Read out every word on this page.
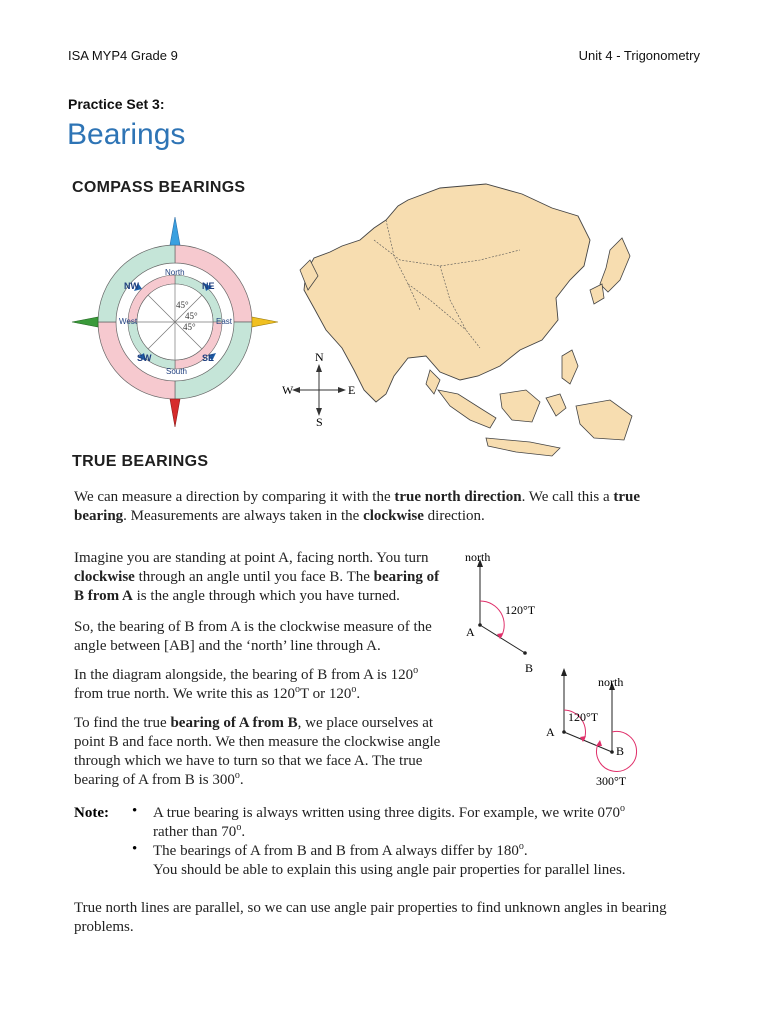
ISA MYP4 Grade 9	Unit 4 - Trigonometry
Practice Set 3:
Bearings
COMPASS BEARINGS
North
South
East
West
NE
NW
SE
SW
45°
45°
45°
N
S
E
W
TRUE BEARINGS

We can measure a direction by comparing it with the true north direction. We call this a true bearing. Measurements are always taken in the clockwise direction.

Imagine you are standing at point A, facing north. You turn clockwise through an angle until you face B. The bearing of B from A is the angle through which you have turned.

So, the bearing of B from A is the clockwise measure of the angle between [AB] and the ‘north’ line through A.

In the diagram alongside, the bearing of B from A is 120$^o$ from true north. We write this as 120$^o$T or 120$^o$.

To find the true bearing of A from B, we place ourselves at point B and face north. We then measure the clockwise angle through which we have to turn so that we face A. The true bearing of A from B is 300$^o$.

north
120°T
A
B
north
120°T
300°T
A
B
Note: • A true bearing is always written using three digits. For example, we write 070$^o$
rather than 70$^o$.

• The bearings of A from B and B from A always differ by 180$^o$.
You should be able to explain this using angle pair properties for parallel lines.

True north lines are parallel, so we can use angle pair properties to find unknown angles in bearing problems.
